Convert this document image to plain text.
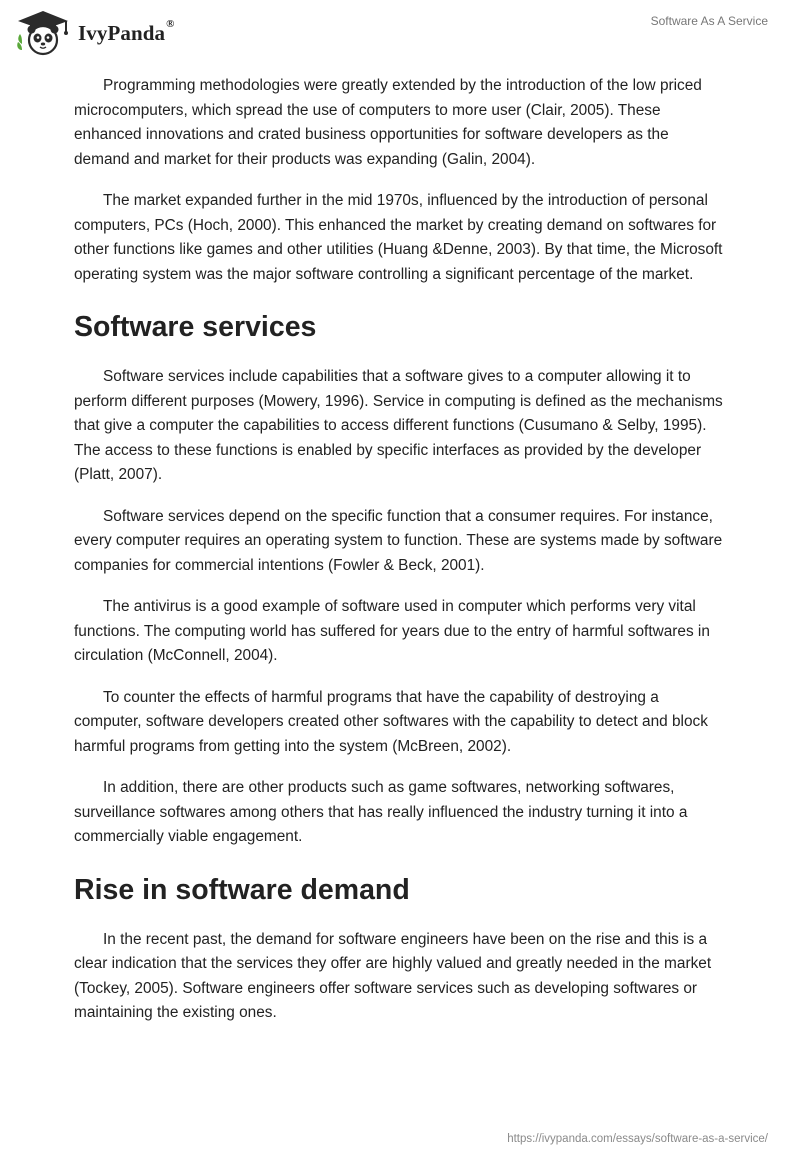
IvyPanda®	Software As A Service

Programming methodologies were greatly extended by the introduction of the low priced microcomputers, which spread the use of computers to more user (Clair, 2005). These enhanced innovations and crated business opportunities for software developers as the demand and market for their products was expanding (Galin, 2004).

The market expanded further in the mid 1970s, influenced by the introduction of personal computers, PCs (Hoch, 2000). This enhanced the market by creating demand on softwares for other functions like games and other utilities (Huang &Denne, 2003). By that time, the Microsoft operating system was the major software controlling a significant percentage of the market.

Software services

Software services include capabilities that a software gives to a computer allowing it to perform different purposes (Mowery, 1996). Service in computing is defined as the mechanisms that give a computer the capabilities to access different functions (Cusumano & Selby, 1995). The access to these functions is enabled by specific interfaces as provided by the developer (Platt, 2007).

Software services depend on the specific function that a consumer requires. For instance, every computer requires an operating system to function. These are systems made by software companies for commercial intentions (Fowler & Beck, 2001).

The antivirus is a good example of software used in computer which performs very vital functions. The computing world has suffered for years due to the entry of harmful softwares in circulation (McConnell, 2004).

To counter the effects of harmful programs that have the capability of destroying a computer, software developers created other softwares with the capability to detect and block harmful programs from getting into the system (McBreen, 2002).

In addition, there are other products such as game softwares, networking softwares, surveillance softwares among others that has really influenced the industry turning it into a commercially viable engagement.

Rise in software demand

In the recent past, the demand for software engineers have been on the rise and this is a clear indication that the services they offer are highly valued and greatly needed in the market (Tockey, 2005). Software engineers offer software services such as developing softwares or maintaining the existing ones.

https://ivypanda.com/essays/software-as-a-service/
